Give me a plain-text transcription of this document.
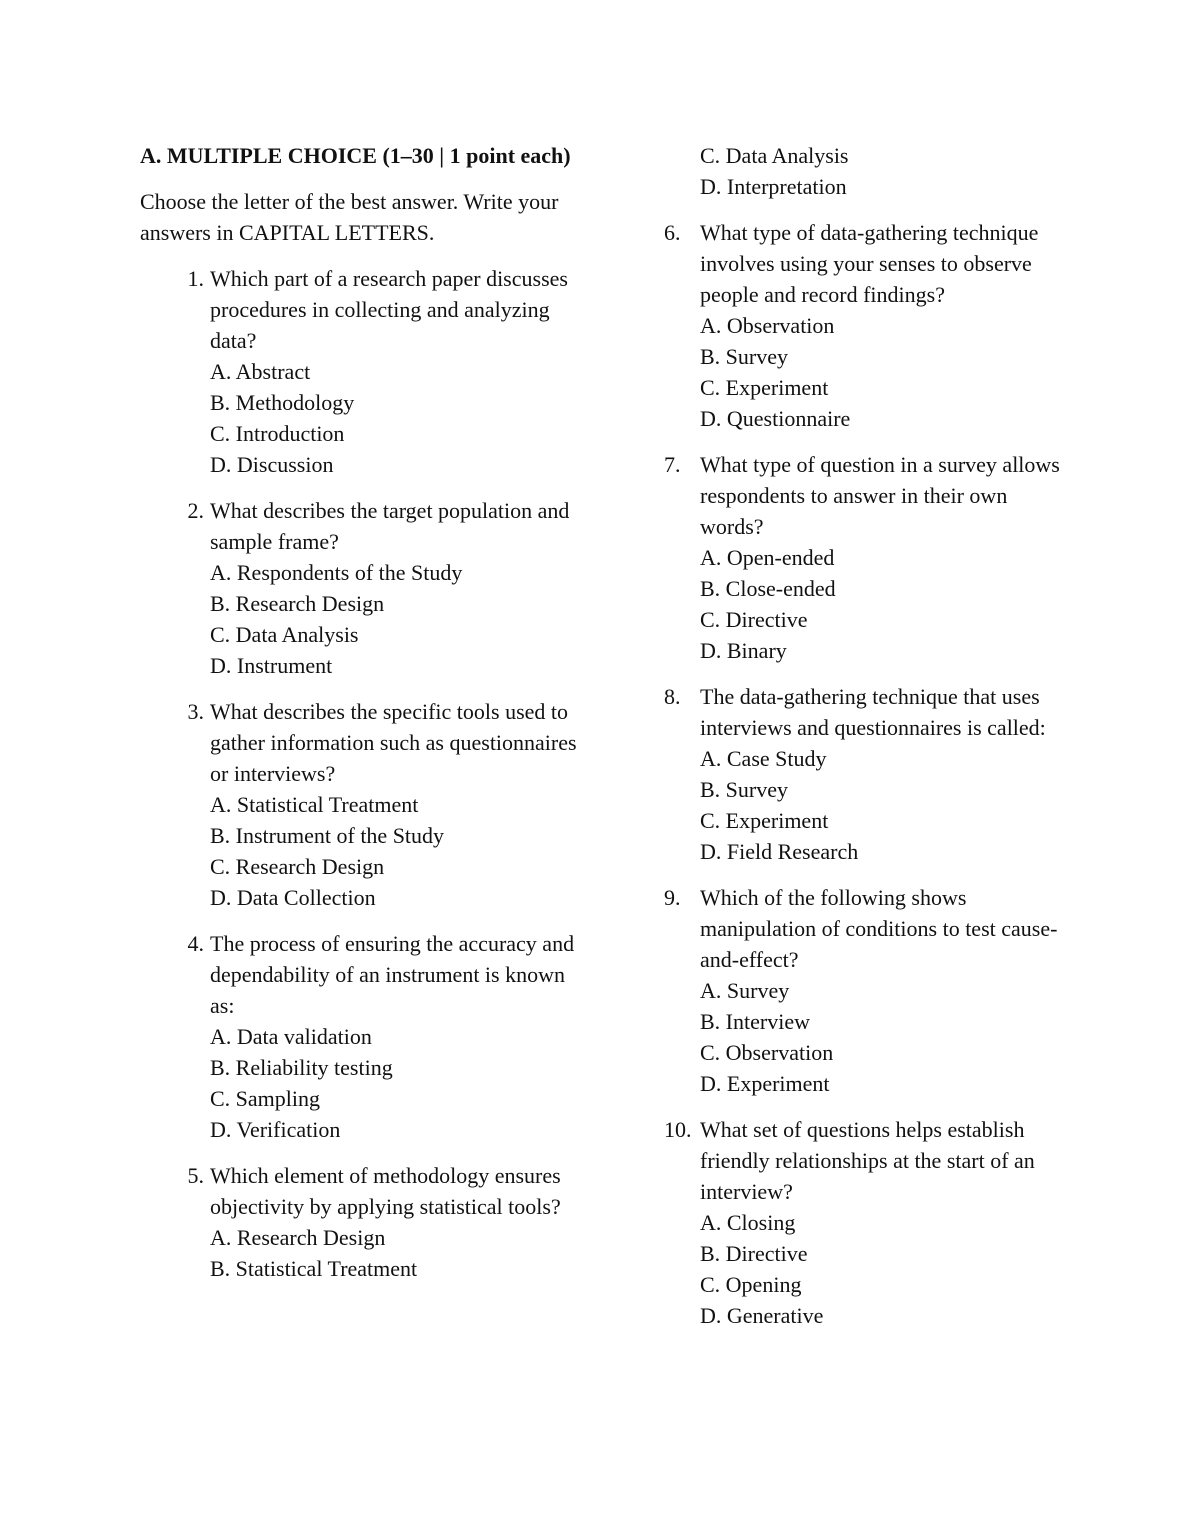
A. MULTIPLE CHOICE (1–30 | 1 point each)

Choose the letter of the best answer. Write your answers in CAPITAL LETTERS.

1. Which part of a research paper discusses procedures in collecting and analyzing data?
A. Abstract
B. Methodology
C. Introduction
D. Discussion
2. What describes the target population and sample frame?
A. Respondents of the Study
B. Research Design
C. Data Analysis
D. Instrument
3. What describes the specific tools used to gather information such as questionnaires or interviews?
A. Statistical Treatment
B. Instrument of the Study
C. Research Design
D. Data Collection
4. The process of ensuring the accuracy and dependability of an instrument is known as:
A. Data validation
B. Reliability testing
C. Sampling
D. Verification
5. Which element of methodology ensures objectivity by applying statistical tools?
A. Research Design
B. Statistical Treatment
C. Data Analysis
D. Interpretation
6. What type of data-gathering technique involves using your senses to observe people and record findings?
A. Observation
B. Survey
C. Experiment
D. Questionnaire
7. What type of question in a survey allows respondents to answer in their own words?
A. Open-ended
B. Close-ended
C. Directive
D. Binary
8. The data-gathering technique that uses interviews and questionnaires is called:
A. Case Study
B. Survey
C. Experiment
D. Field Research
9. Which of the following shows manipulation of conditions to test cause-and-effect?
A. Survey
B. Interview
C. Observation
D. Experiment
10. What set of questions helps establish friendly relationships at the start of an interview?
A. Closing
B. Directive
C. Opening
D. Generative
